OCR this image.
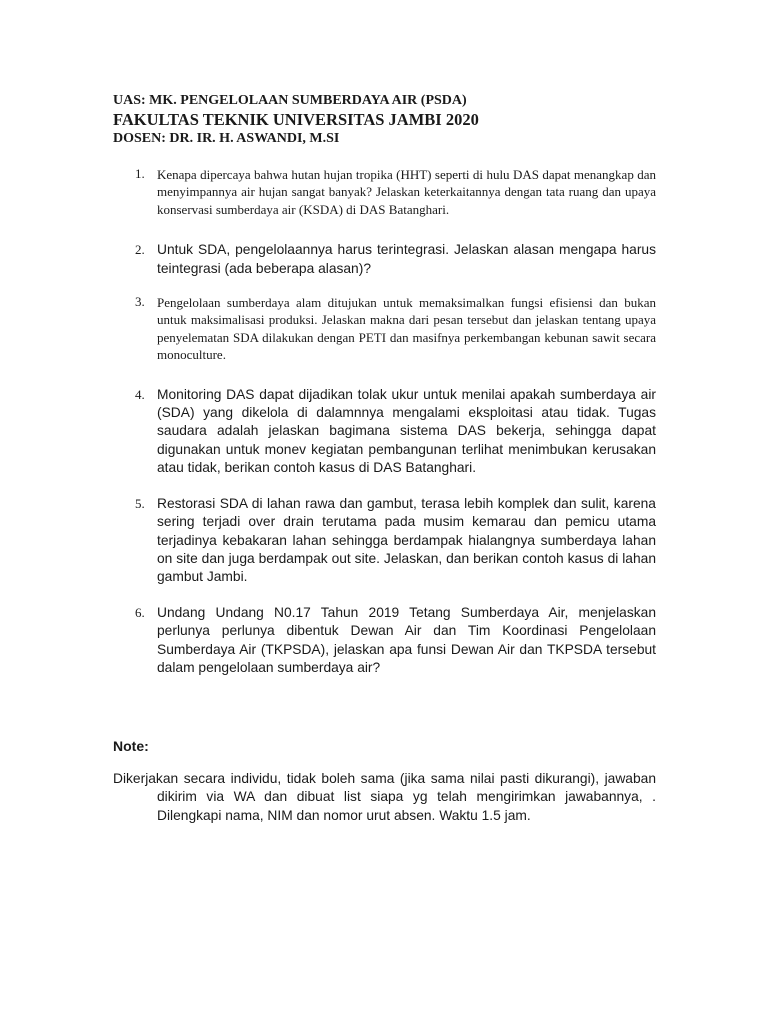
UAS: MK. PENGELOLAAN SUMBERDAYA AIR (PSDA)
FAKULTAS TEKNIK UNIVERSITAS JAMBI 2020
DOSEN: DR. IR. H. ASWANDI, M.SI
1. Kenapa dipercaya bahwa hutan hujan tropika (HHT) seperti di hulu DAS dapat menangkap dan menyimpannya air hujan sangat banyak? Jelaskan keterkaitannya dengan tata ruang dan upaya konservasi sumberdaya air (KSDA) di DAS Batanghari.
2. Untuk SDA, pengelolaannya harus terintegrasi. Jelaskan alasan mengapa harus teintegrasi (ada beberapa alasan)?
3. Pengelolaan sumberdaya alam ditujukan untuk memaksimalkan fungsi efisiensi dan bukan untuk maksimalisasi produksi. Jelaskan makna dari pesan tersebut dan jelaskan tentang upaya penyelematan SDA dilakukan dengan PETI dan masifnya perkembangan kebunan sawit secara monoculture.
4. Monitoring DAS dapat dijadikan tolak ukur untuk menilai apakah sumberdaya air (SDA) yang dikelola di dalamnnya mengalami eksploitasi atau tidak. Tugas saudara adalah jelaskan bagimana sistema DAS bekerja, sehingga dapat digunakan untuk monev kegiatan pembangunan terlihat menimbukan kerusakan atau tidak, berikan contoh kasus di DAS Batanghari.
5. Restorasi SDA di lahan rawa dan gambut, terasa lebih komplek dan sulit, karena sering terjadi over drain terutama pada musim kemarau dan pemicu utama terjadinya kebakaran lahan sehingga berdampak hialangnya sumberdaya lahan on site dan juga berdampak out site. Jelaskan, dan berikan contoh kasus di lahan gambut Jambi.
6. Undang Undang N0.17 Tahun 2019 Tetang Sumberdaya Air, menjelaskan perlunya perlunya dibentuk Dewan Air dan Tim Koordinasi Pengelolaan Sumberdaya Air (TKPSDA), jelaskan apa funsi Dewan Air dan TKPSDA tersebut dalam pengelolaan sumberdaya air?
Note:
Dikerjakan secara individu, tidak boleh sama (jika sama nilai pasti dikurangi), jawaban dikirim via WA dan dibuat list siapa yg telah mengirimkan jawabannya, . Dilengkapi nama, NIM dan nomor urut absen. Waktu 1.5 jam.
